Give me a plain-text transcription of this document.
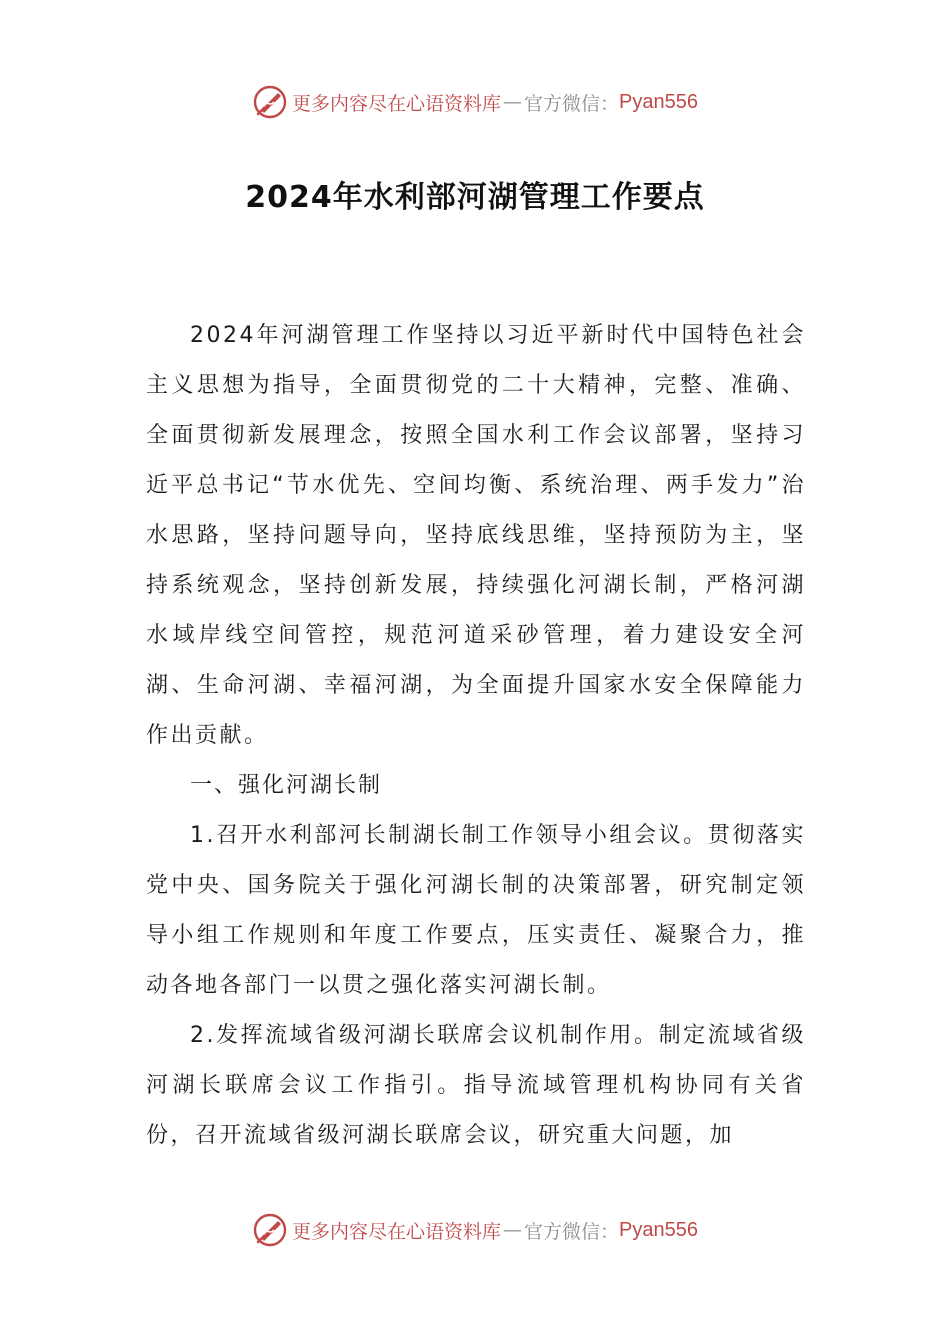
更多内容尽在心语资料库 — 官方微信： Pyan556
2024年水利部河湖管理工作要点

2024年河湖管理工作坚持以习近平新时代中国特色社会主义思想为指导，全面贯彻党的二十大精神，完整、准确、全面贯彻新发展理念，按照全国水利工作会议部署，坚持习近平总书记“节水优先、空间均衡、系统治理、两手发力”治水思路，坚持问题导向，坚持底线思维，坚持预防为主，坚持系统观念，坚持创新发展，持续强化河湖长制，严格河湖水域岸线空间管控，规范河道采砂管理，着力建设安全河湖、生命河湖、幸福河湖，为全面提升国家水安全保障能力作出贡献。

一、强化河湖长制

1.召开水利部河长制湖长制工作领导小组会议。贯彻落实党中央、国务院关于强化河湖长制的决策部署，研究制定领导小组工作规则和年度工作要点，压实责任、凝聚合力，推动各地各部门一以贯之强化落实河湖长制。

2.发挥流域省级河湖长联席会议机制作用。制定流域省级河湖长联席会议工作指引。指导流域管理机构协同有关省份，召开流域省级河湖长联席会议，研究重大问题，加

更多内容尽在心语资料库 — 官方微信： Pyan556
